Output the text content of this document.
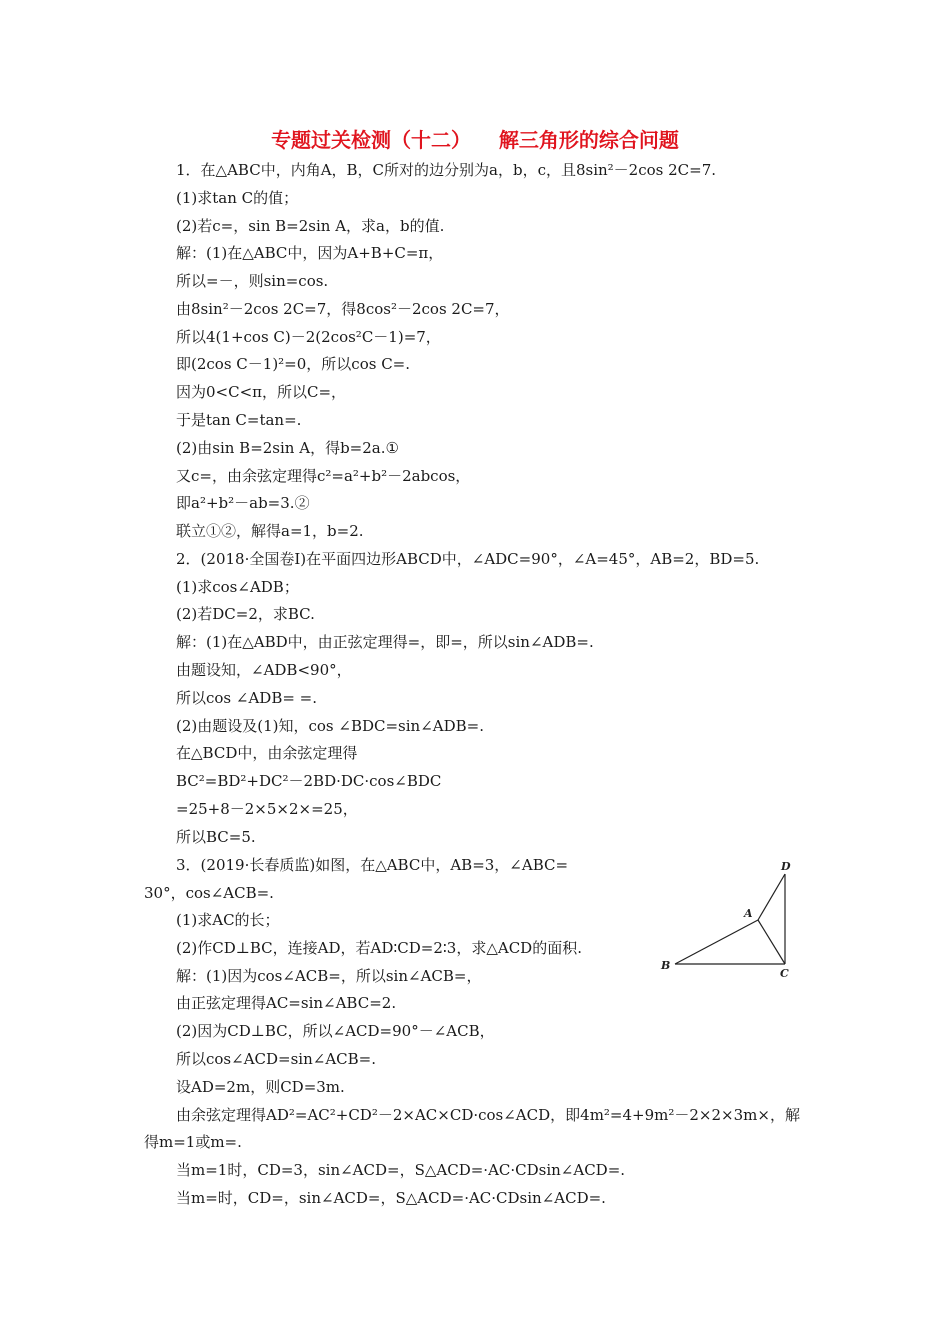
专题过关检测（十二）    解三角形的综合问题
1．在△ABC中，内角A，B，C所对的边分别为a，b，c，且8sin²－2cos 2C=7.
(1)求tan C的值；
(2)若c=，sin B=2sin A，求a，b的值.
解：(1)在△ABC中，因为A+B+C=π，
所以=－，则sin=cos.
由8sin²－2cos 2C=7，得8cos²－2cos 2C=7，
所以4(1+cos C)－2(2cos²C－1)=7，
即(2cos C－1)²=0，所以cos C=.
因为0<C<π，所以C=，
于是tan C=tan=.
(2)由sin B=2sin A，得b=2a.①
又c=，由余弦定理得c²=a²+b²－2abcos，
即a²+b²－ab=3.②
联立①②，解得a=1，b=2.
2．(2018·全国卷Ⅰ)在平面四边形ABCD中，∠ADC=90°，∠A=45°，AB=2，BD=5.
(1)求cos∠ADB；
(2)若DC=2，求BC.
解：(1)在△ABD中，由正弦定理得=，即=，所以sin∠ADB=.
由题设知，∠ADB<90°，
所以cos ∠ADB= =.
(2)由题设及(1)知，cos ∠BDC=sin∠ADB=.
在△BCD中，由余弦定理得
BC²=BD²+DC²－2BD·DC·cos∠BDC
=25+8－2×5×2×=25，
所以BC=5.
3．(2019·长春质监)如图，在△ABC中，AB=3，∠ABC=
30°，cos∠ACB=.
(1)求AC的长；
(2)作CD⊥BC，连接AD，若AD∶CD=2∶3，求△ACD的面积.
解：(1)因为cos∠ACB=，所以sin∠ACB=，
由正弦定理得AC=sin∠ABC=2.
(2)因为CD⊥BC，所以∠ACD=90°－∠ACB，
所以cos∠ACD=sin∠ACB=.
设AD=2m，则CD=3m.
由余弦定理得AD²=AC²+CD²－2×AC×CD·cos∠ACD，即4m²=4+9m²－2×2×3m×，解
得m=1或m=.
当m=1时，CD=3，sin∠ACD=，S△ACD=·AC·CDsin∠ACD=.
当m=时，CD=，sin∠ACD=，S△ACD=·AC·CDsin∠ACD=.
D
A
B
C
